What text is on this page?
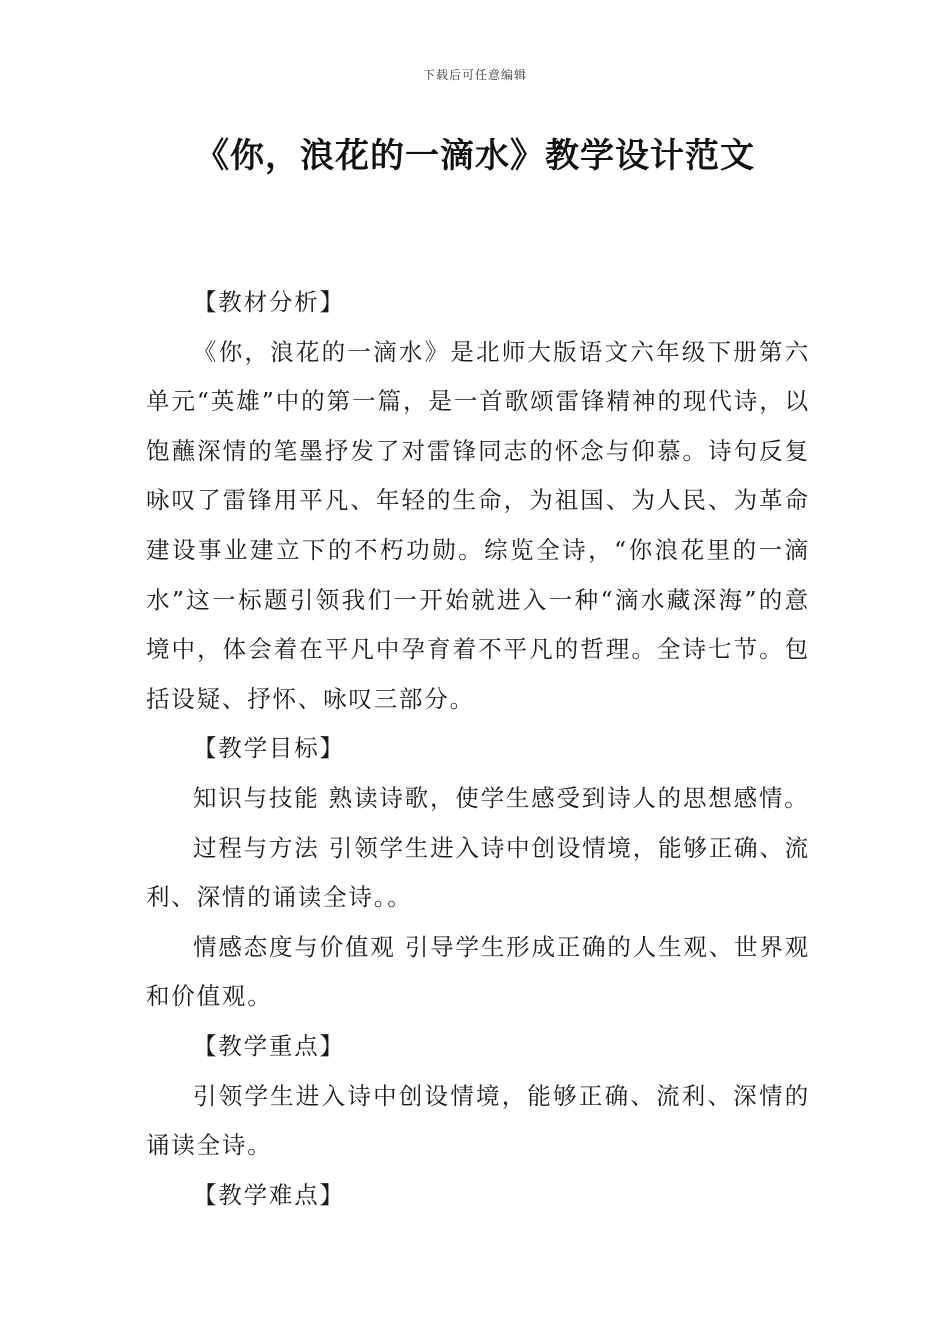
下载后可任意编辑
《你，浪花的一滴水》教学设计范文

【教材分析】

《你，浪花的一滴水》是北师大版语文六年级下册第六单元“英雄”中的第一篇，是一首歌颂雷锋精神的现代诗，以饱蘸深情的笔墨抒发了对雷锋同志的怀念与仰慕。诗句反复咏叹了雷锋用平凡、年轻的生命，为祖国、为人民、为革命建设事业建立下的不朽功勋。综览全诗，“你浪花里的一滴水”这一标题引领我们一开始就进入一种“滴水藏深海”的意境中，体会着在平凡中孕育着不平凡的哲理。全诗七节。包括设疑、抒怀、咏叹三部分。

【教学目标】

知识与技能 熟读诗歌，使学生感受到诗人的思想感情。

过程与方法 引领学生进入诗中创设情境，能够正确、流利、深情的诵读全诗。。

情感态度与价值观 引导学生形成正确的人生观、世界观和价值观。

【教学重点】

引领学生进入诗中创设情境，能够正确、流利、深情的诵读全诗。

【教学难点】
